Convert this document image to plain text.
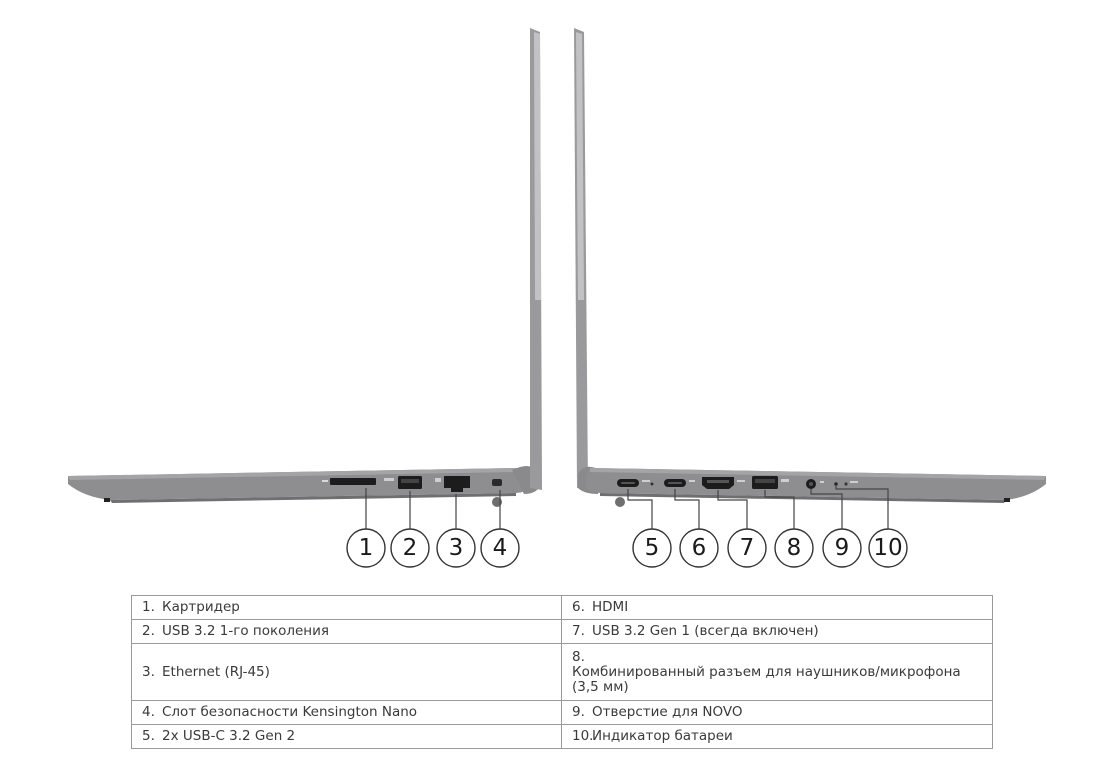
1 2 3 4	5 6 7 8 9 10
1. Картридер	6. HDMI
2. USB 3.2 1-го поколения	7. USB 3.2 Gen 1 (всегда включен)
3. Ethernet (RJ-45)	8.
Комбинированный разъем для наушников/микрофона (3,5 мм)
4. Слот безопасности Kensington Nano	9. Отверстие для NOVO
5. 2x USB-C 3.2 Gen 2	10.Индикатор батареи
